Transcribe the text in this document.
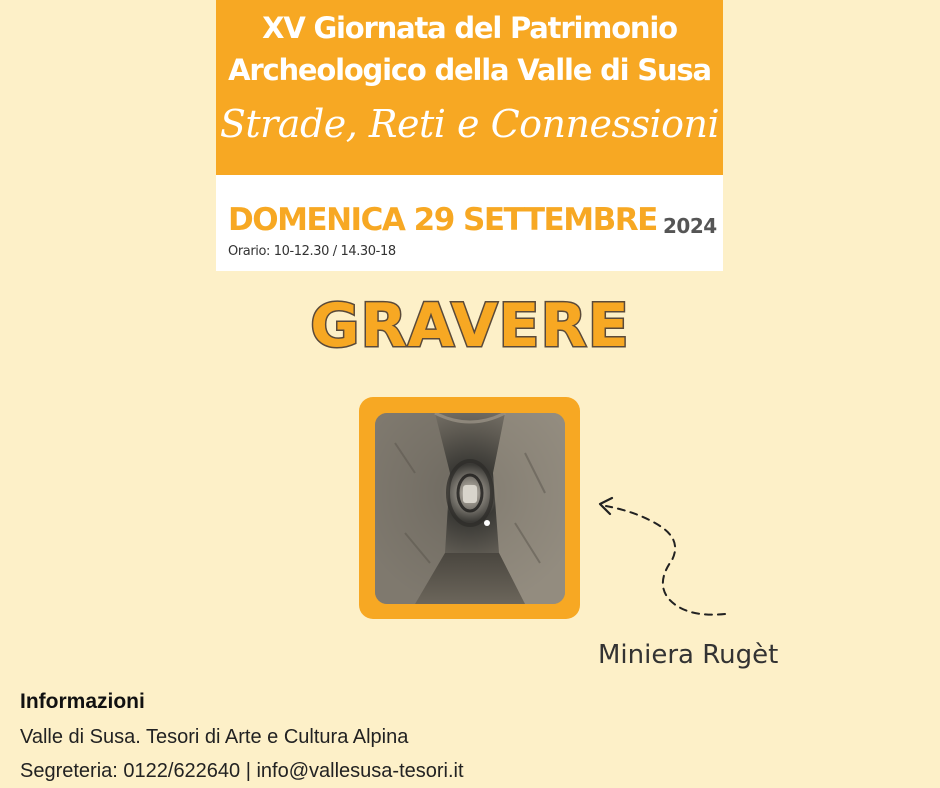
XV Giornata del Patrimonio
Archeologico della Valle di Susa
Strade, Reti e Connessioni
DOMENICA 29 SETTEMBRE 2024
Orario: 10-12.30 / 14.30-18
GRAVERE
Miniera Rugèt
Informazioni
Valle di Susa. Tesori di Arte e Cultura Alpina
Segreteria: 0122/622640 | info@vallesusa-tesori.it
